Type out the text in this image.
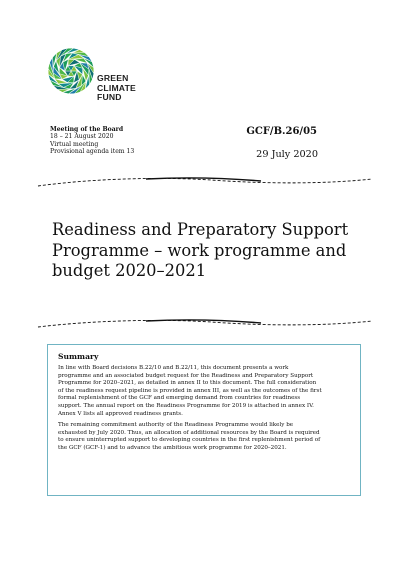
GREEN
CLIMATE
FUND
Meeting of the Board
18 – 21 August 2020
Virtual meeting
Provisional agenda item 13
GCF/B.26/05
29 July 2020
Readiness and Preparatory Support
Programme – work programme and
budget 2020–2021
Summary
In line with Board decisions B.22/10 and B.22/11, this document presents a work
programme and an associated budget request for the Readiness and Preparatory Support
Programme for 2020–2021, as detailed in annex II to this document. The full consideration
of the readiness request pipeline is provided in annex III, as well as the outcomes of the first
formal replenishment of the GCF and emerging demand from countries for readiness
support. The annual report on the Readiness Programme for 2019 is attached in annex IV.
Annex V lists all approved readiness grants.
The remaining commitment authority of the Readiness Programme would likely be
exhausted by July 2020. Thus, an allocation of additional resources by the Board is required
to ensure uninterrupted support to developing countries in the first replenishment period of
the GCF (GCF-1) and to advance the ambitious work programme for 2020–2021.
